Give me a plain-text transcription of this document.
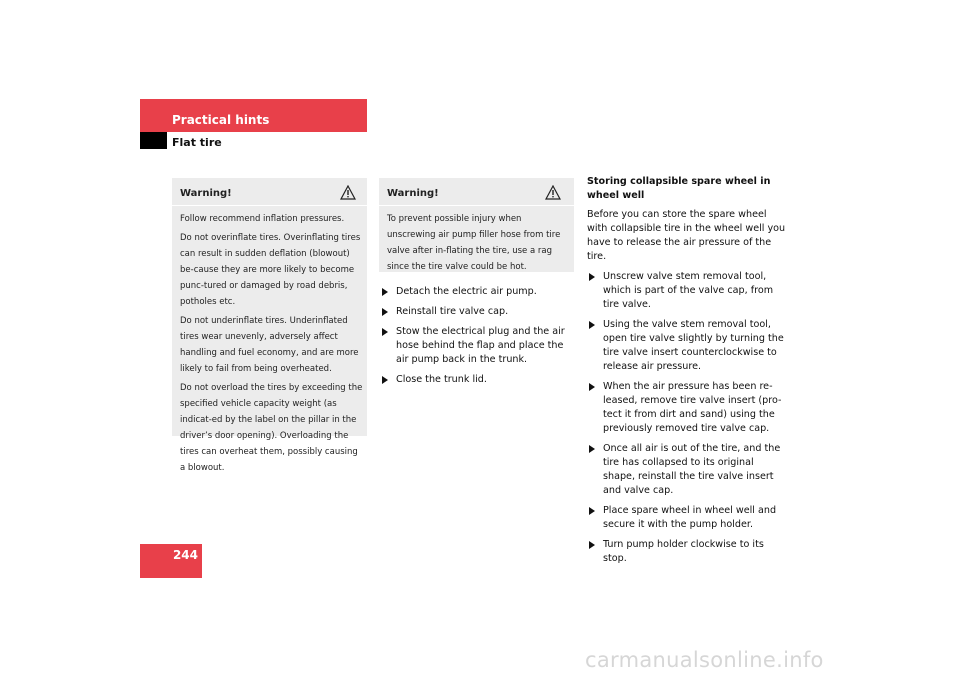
Practical hints
Flat tire
Warning!

Follow recommend inflation pressures.

Do not overinflate tires. Overinflating tires can result in sudden deflation (blowout) be-cause they are more likely to become punc-tured or damaged by road debris, potholes etc.

Do not underinflate tires. Underinflated tires wear unevenly, adversely affect handling and fuel economy, and are more likely to fail from being overheated.

Do not overload the tires by exceeding the specified vehicle capacity weight (as indicat-ed by the label on the pillar in the driver’s door opening). Overloading the tires can overheat them, possibly causing a blowout.

Warning!

To prevent possible injury when unscrewing air pump filler hose from tire valve after in-flating the tire, use a rag since the tire valve could be hot.

Detach the electric air pump.
Reinstall tire valve cap.
Stow the electrical plug and the air hose behind the flap and place the air pump back in the trunk.
Close the trunk lid.
Storing collapsible spare wheel in wheel well
Before you can store the spare wheel with collapsible tire in the wheel well you have to release the air pressure of the tire.
Unscrew valve stem removal tool, which is part of the valve cap, from tire valve.
Using the valve stem removal tool, open tire valve slightly by turning the tire valve insert counterclockwise to release air pressure.
When the air pressure has been re-leased, remove tire valve insert (pro-tect it from dirt and sand) using the previously removed tire valve cap.
Once all air is out of the tire, and the tire has collapsed to its original shape, reinstall the tire valve insert and valve cap.
Place spare wheel in wheel well and secure it with the pump holder.
Turn pump holder clockwise to its stop.
244
carmanualsonline.info
